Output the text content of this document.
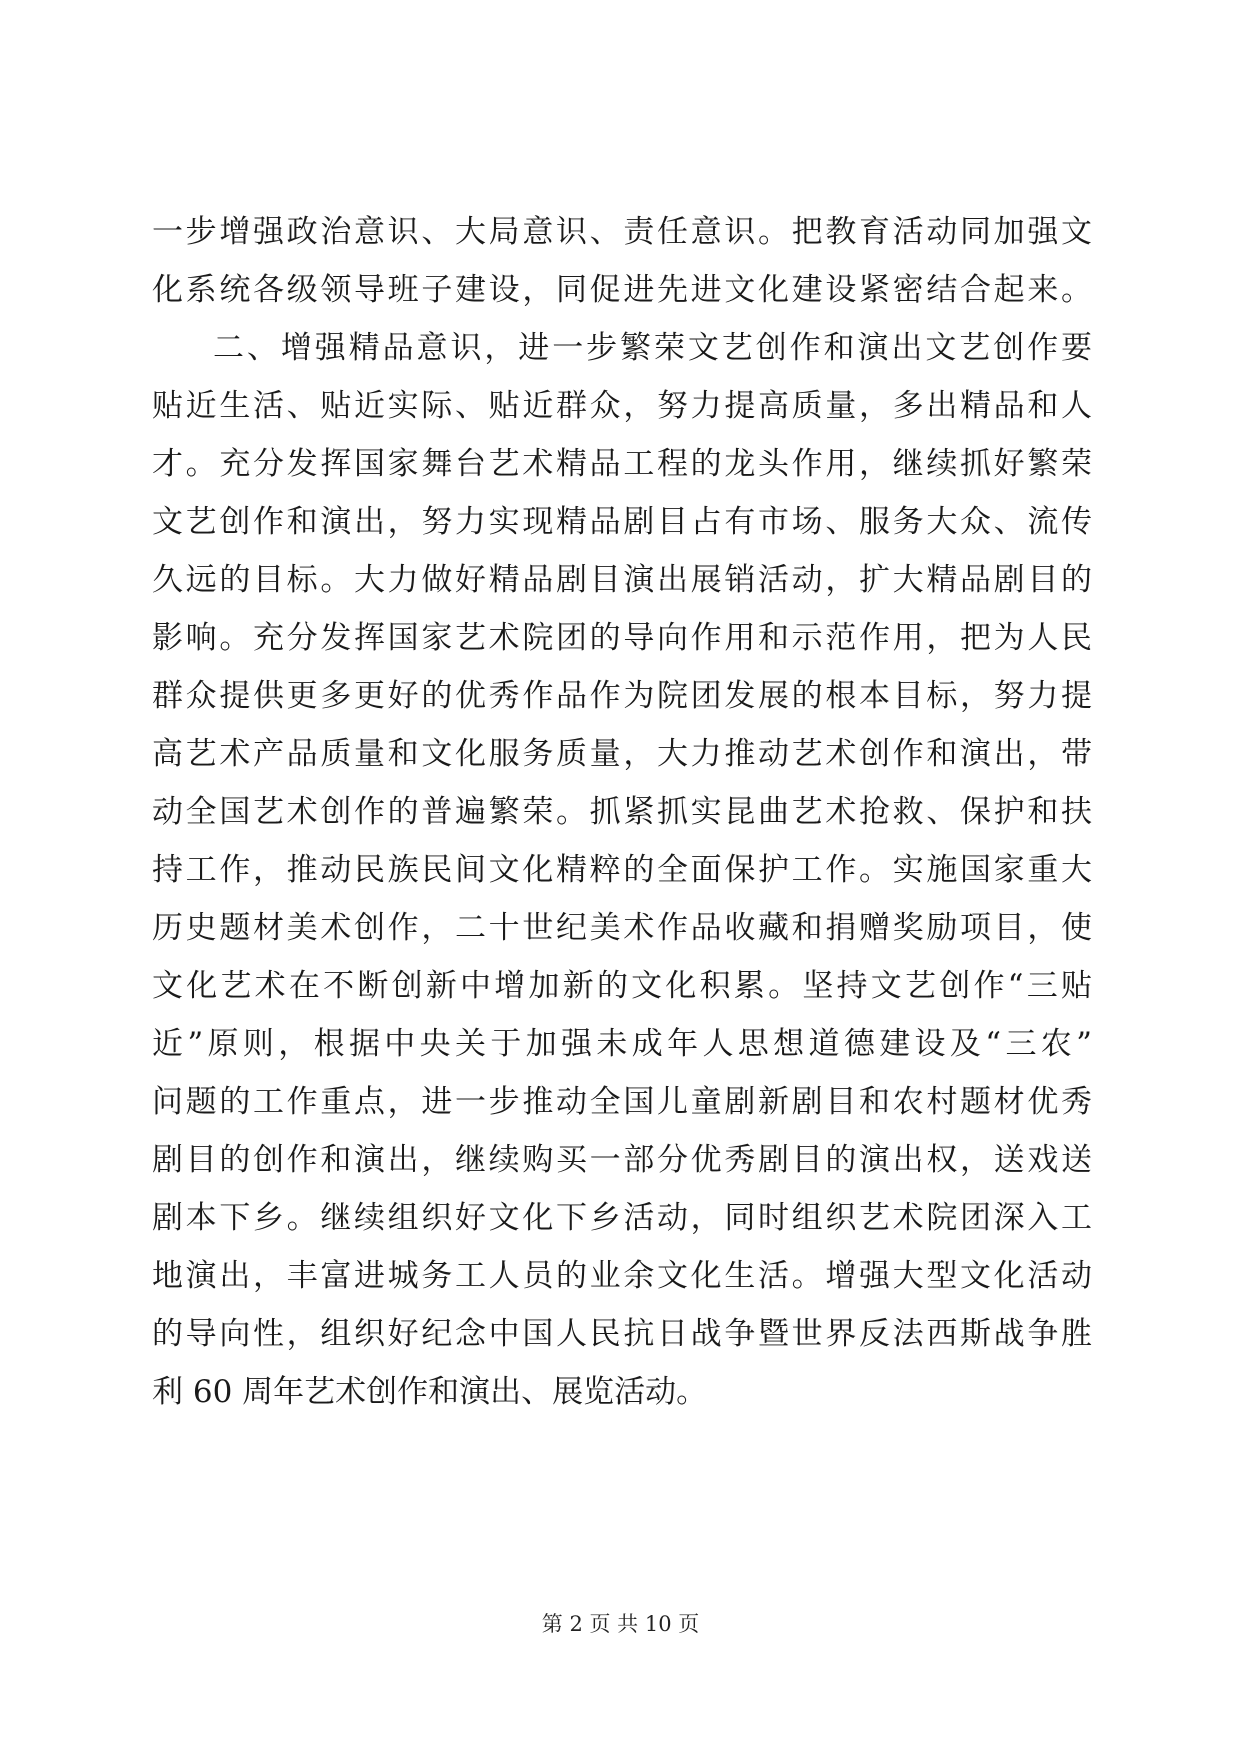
一步增强政治意识、大局意识、责任意识。把教育活动同加强文
化系统各级领导班子建设，同促进先进文化建设紧密结合起来。
二、增强精品意识，进一步繁荣文艺创作和演出文艺创作要
贴近生活、贴近实际、贴近群众，努力提高质量，多出精品和人
才。充分发挥国家舞台艺术精品工程的龙头作用，继续抓好繁荣
文艺创作和演出，努力实现精品剧目占有市场、服务大众、流传
久远的目标。大力做好精品剧目演出展销活动，扩大精品剧目的
影响。充分发挥国家艺术院团的导向作用和示范作用，把为人民
群众提供更多更好的优秀作品作为院团发展的根本目标，努力提
高艺术产品质量和文化服务质量，大力推动艺术创作和演出，带
动全国艺术创作的普遍繁荣。抓紧抓实昆曲艺术抢救、保护和扶
持工作，推动民族民间文化精粹的全面保护工作。实施国家重大
历史题材美术创作，二十世纪美术作品收藏和捐赠奖励项目，使
文化艺术在不断创新中增加新的文化积累。坚持文艺创作“三贴
近”原则，根据中央关于加强未成年人思想道德建设及“三农”
问题的工作重点，进一步推动全国儿童剧新剧目和农村题材优秀
剧目的创作和演出，继续购买一部分优秀剧目的演出权，送戏送
剧本下乡。继续组织好文化下乡活动，同时组织艺术院团深入工
地演出，丰富进城务工人员的业余文化生活。增强大型文化活动
的导向性，组织好纪念中国人民抗日战争暨世界反法西斯战争胜
利 60 周年艺术创作和演出、展览活动。
第 2 页 共 10 页
